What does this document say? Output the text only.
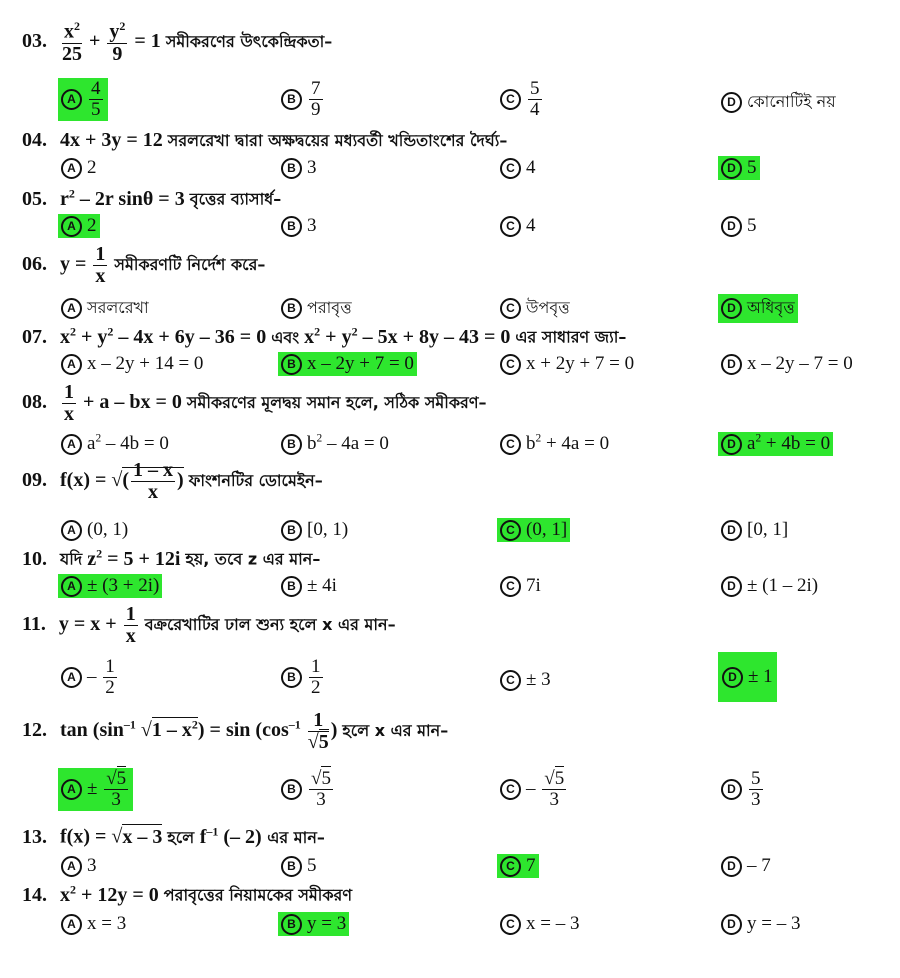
03. $\frac{x^2}{25} + \frac{y^2}{9} = 1$ সমীকরণের উৎকেন্দ্রিকতা–
A $\frac{4}{5}$	B $\frac{7}{9}$	C $\frac{5}{4}$	D কোনোটিই নয়
04. 4x + 3y = 12 সরলরেখা দ্বারা অক্ষদ্বয়ের মধ্যবর্তী খন্ডিতাংশের দৈর্ঘ্য–
A 2	B 3	C 4	D 5
05. $r^2 - 2r$ sinθ = 3 বৃত্তের ব্যাসার্ধ–
A 2	B 3	C 4	D 5
06. $y = \frac{1}{x}$ সমীকরণটি নির্দেশ করে–
A সরলরেখা	B পরাবৃত্ত	C উপবৃত্ত	D অধিবৃত্ত
07. $x^2 + y^2 - 4x + 6y - 36 = 0$ এবং $x^2 + y^2 - 5x + 8y - 43 = 0$ এর সাধারণ জ্যা–
A x – 2y + 14 = 0	B x – 2y + 7 = 0	C x + 2y + 7 = 0	D x – 2y – 7 = 0
08. $\frac{1}{x} + a$ – bx = 0 সমীকরণের মূলদ্বয় সমান হলে, সঠিক সমীকরণ–
A $a^2 - 4b = 0$	B $b^2 - 4a = 0$	C $b^2 + 4a = 0$	D $a^2 + 4b = 0$
09. f(x) = √( $\frac{1 - x}{x}$ ) ফাংশনটির ডোমেইন–
A (0, 1)	B [0, 1)	C (0, 1]	D [0, 1]
10. যদি $z^2 = 5 + 12i$ হয়, তবে z এর মান–
A ± (3 + 2i)	B ± 4i	C 7i	D ± (1 – 2i)
11. $y = x + \frac{1}{x}$ বক্ররেখাটির ঢাল শুন্য হলে x এর মান–
A – $\frac{1}{2}$	B $\frac{1}{2}$	C ± 3	D ± 1
12. $\tan (\sin^{-1}$ $√1 - x^2) = \sin (\cos^{-1} \frac{1}{√5}$ ) হলে x এর মান–
$A \pm \frac{√5}{3}$	B $\frac{√5}{3}$	C – $\frac{√5}{3}$	D $\frac{5}{3}$
13. f(x) = √x – 3 হলে $f^{-1}$ (– 2) এর মান–
A 3	B 5	C 7	D – 7
14. $x^2 + 12y = 0$ পরাবৃত্তের নিয়ামকের সমীকরণ
A x = 3	B y = 3	C x = – 3	D y = – 3
